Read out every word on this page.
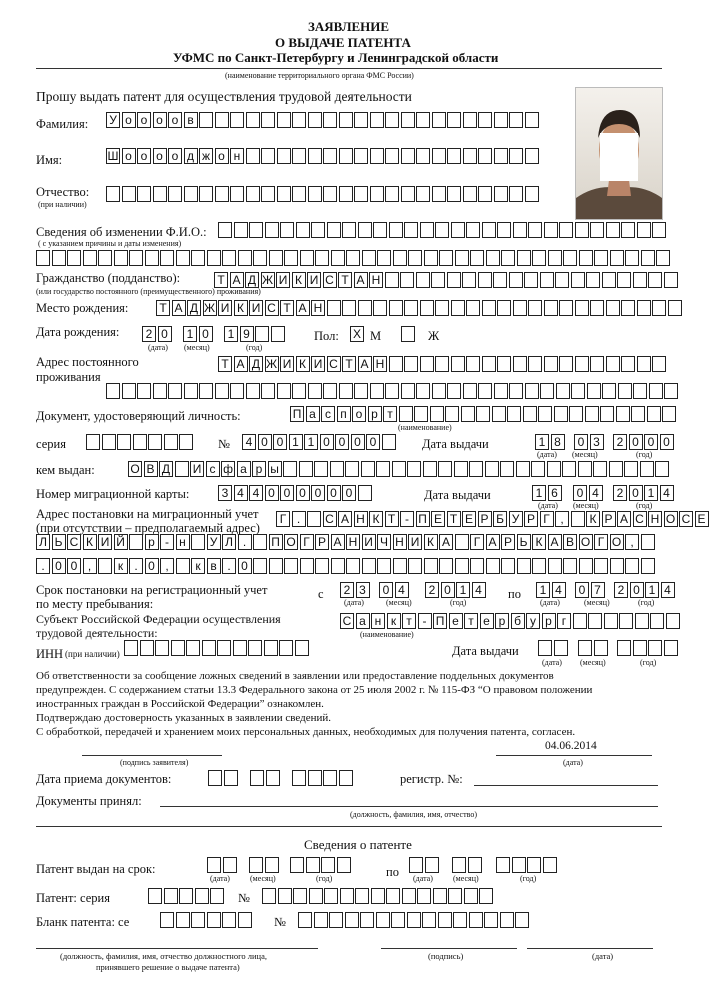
ЗАЯВЛЕНИЕ
О ВЫДАЧЕ ПАТЕНТА
УФМС по Санкт-Петербургу и Ленинградской области
(наименование территориального органа ФМС России)
Прошу выдать патент для осуществления трудовой деятельности
Фамилия: У о о о о в
Имя:	Ш о о о о д ж о н
Отчество:
(при наличии)
Сведения об изменении Ф.И.О.:
( с указанием причины и даты изменения)
Гражданство (подданство):
(или государство постоянного (преимущественного) проживания)
Т А Д Ж И К И С Т А Н
Место рождения:	Т А Д Ж И К И С Т А Н
Дата рождения:	2 0	1 0	1 9
(дата) (месяц)	(год)
Пол: X М	Ж
Адрес постоянного
проживания
Т А Д Ж И К И С Т А Н
Документ, удостоверяющий личность:	П а с п о р т
(наименование)
серия	№	4 0 0 1 1 0 0 0 0	Дата выдачи	1 8	0 3	2 0 0 0
(дата) (месяц)	(год)
кем выдан:	О В Д И с ф а р ы
Номер миграционной карты:	3 4 4 0 0 0 0 0 0	Дата выдачи	1 6	0 4	2 0 1 4
(дата) (месяц)	(год)
Адрес постановки на миграционный учет
(при отсутствии – предполагаемый адрес)
Г .	С А Н К Т - П Е Т Е Р Б У Р Г ,	К Р А С Н О С Е
Л Ь С К И Й	р - н	У Л .	П О Г Р А Н И Ч Н И К А	Г А Р Ь К А В О Г О ,
. 0 0 ,	к . 0 ,	к в . 0
Срок постановки на регистрационный учет
по месту пребывания:
с	2 3	0 4	2 0 1 4
(дата)	(месяц)	(год)
по	1 4	0 7	2 0 1 4
(дата)	(месяц)	(год)
Субъект Российской Федерации осуществления
трудовой деятельности:
С а н к т - П е т е р б у р г
(наименование)
ИНН (при наличии)	Дата выдачи
(дата) (месяц)	(год)
Об ответственности за сообщение ложных сведений в заявлении или предоставление поддельных документов
предупрежден. С содержанием статьи 13.3 Федерального закона от 25 июля 2002 г. № 115-ФЗ “О правовом положении
иностранных граждан в Российской Федерации” ознакомлен.
Подтверждаю достоверность указанных в заявлении сведений.
С обработкой, передачей и хранением моих персональных данных, необходимых для получения патента, согласен.
(подпись заявителя)
04.06.2014
(дата)
Дата приема документов:	регистр. №:
Документы принял:
(должность, фамилия, имя, отчество)
Сведения о патенте
Патент выдан на срок:
(дата)	(месяц)	(год)	по (дата)	(месяц)	(год)
Патент: серия	№
Бланк патента: се	№
(должность, фамилия, имя, отчество должностного лица,
принявшего решение о выдаче патента)
(подпись)	(дата)
